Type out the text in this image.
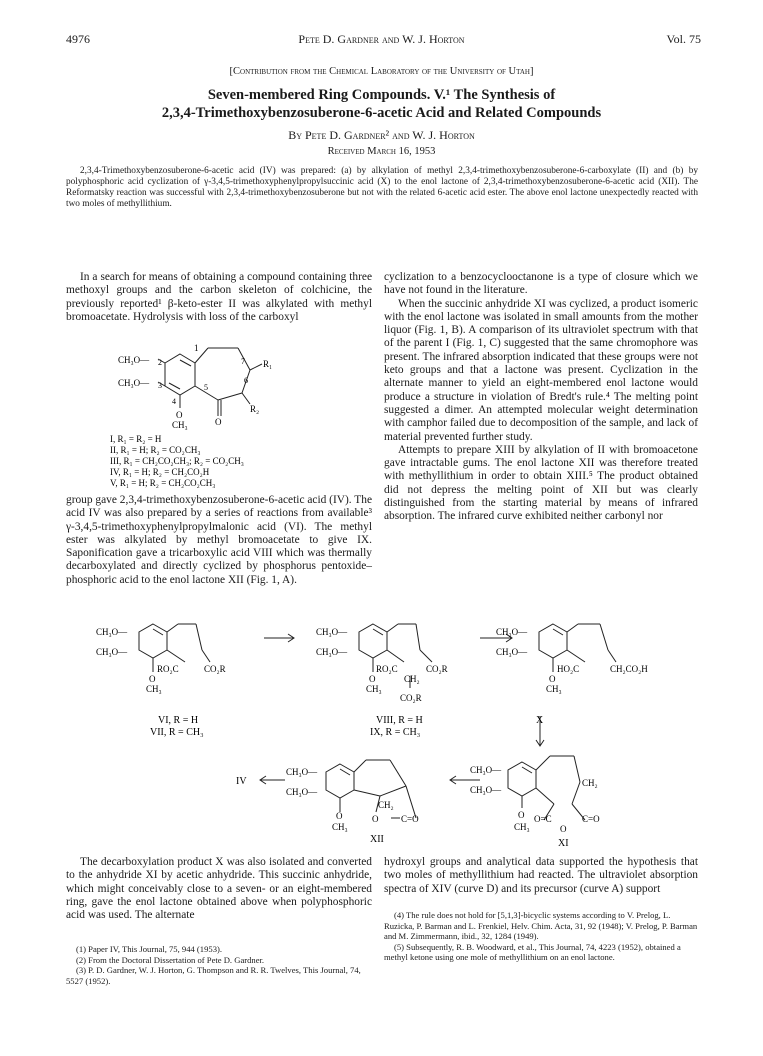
4976	Pete D. Gardner and W. J. Horton	Vol. 75
[Contribution from the Chemical Laboratory of the University of Utah]
Seven-membered Ring Compounds. V.¹ The Synthesis of
2,3,4-Trimethoxybenzosuberone-6-acetic Acid and Related Compounds
By Pete D. Gardner² and W. J. Horton
Received March 16, 1953
2,3,4-Trimethoxybenzosuberone-6-acetic acid (IV) was prepared: (a) by alkylation of methyl 2,3,4-trimethoxybenzosuberone-6-carboxylate (II) and (b) by polyphosphoric acid cyclization of γ-3,4,5-trimethoxyphenylpropylsuccinic acid (X) to the enol lactone of 2,3,4-trimethoxybenzosuberone-6-acetic acid (XII). The Reformatsky reaction was successful with 2,3,4-trimethoxybenzosuberone but not with the related 6-acetic acid ester. The above enol lactone unexpectedly reacted with two moles of methyllithium.

In a search for means of obtaining a compound containing three methoxyl groups and the carbon skeleton of colchicine, the previously reported¹ β-keto-ester II was alkylated with methyl bromoacetate. Hydrolysis with loss of the carboxyl

1
2
3
4
5
6
7
CH₃O—
CH₃O—
O
CH₃
R₁
R₂
O
I, R₁ = R₂ = H
II, R₁ = H; R₂ = CO₂CH₃
III, R₁ = CH₂CO₂CH₃; R₂ = CO₂CH₃
IV, R₁ = H; R₂ = CH₂CO₂H
V, R₁ = H; R₂ = CH₂CO₂CH₃

group gave 2,3,4-trimethoxybenzosuberone-6-acetic acid (IV). The acid IV was also prepared by a series of reactions from available³ γ-3,4,5-trimethoxyphenylpropylmalonic acid (VI). The methyl ester was alkylated by methyl bromoacetate to give IX. Saponification gave a tricarboxylic acid VIII which was thermally decarboxylated and directly cyclized by phosphorus pentoxide–phosphoric acid to the enol lactone XII (Fig. 1, A).

cyclization to a benzocyclooctanone is a type of closure which we have not found in the literature.

When the succinic anhydride XI was cyclized, a product isomeric with the enol lactone was isolated in small amounts from the mother liquor (Fig. 1, B). A comparison of its ultraviolet spectrum with that of the parent I (Fig. 1, C) suggested that the same chromophore was present. The infrared absorption indicated that these groups were not keto groups and that a lactone was present. Cyclization in the alternate manner to yield an eight-membered enol lactone would produce a structure in violation of Bredt's rule.⁴ The melting point suggested a dimer. An attempted molecular weight determination with camphor failed due to decomposition of the sample, and lack of material prevented further study.

Attempts to prepare XIII by alkylation of II with bromoacetone gave intractable gums. The enol lactone XII was therefore treated with methyllithium in order to obtain XIII.⁵ The product obtained did not depress the melting point of XII but was clearly distinguished from the starting material by means of infrared absorption. The infrared curve exhibited neither carbonyl nor

CH₃O—
CH₃O—
RO₂C	CO₂R
O
CH₃
VI, R = H
VII, R = CH₃
CH₃O—
CH₃O—
RO₂C	CO₂R
O	CH₂
CH₃
CO₂R
VIII, R = H
IX, R = CH₃
CH₃O—
CH₃O—
HO₂C	CH₂CO₂H
O
CH₃
X
IV
CH₃O—
CH₃O—
CH₂
O	O	C=O
CH₃
XII
CH₃O—
CH₃O—
CH₂
O O=C	C=O
CH₃	O
XI

The decarboxylation product X was also isolated and converted to the anhydride XI by acetic anhydride. This succinic anhydride, which might conceivably close to a seven- or an eight-membered ring, gave the enol lactone obtained above when polyphosphoric acid was used. The alternate

(1) Paper IV, This Journal, 75, 944 (1953).

(2) From the Doctoral Dissertation of Pete D. Gardner.

(3) P. D. Gardner, W. J. Horton, G. Thompson and R. R. Twelves, This Journal, 74, 5527 (1952).

hydroxyl groups and analytical data supported the hypothesis that two moles of methyllithium had reacted. The ultraviolet absorption spectra of XIV (curve D) and its precursor (curve A) support

(4) The rule does not hold for [5,1,3]-bicyclic systems according to V. Prelog, L. Ruzicka, P. Barman and L. Frenkiel, Helv. Chim. Acta, 31, 92 (1948); V. Prelog, P. Barman and M. Zimmermann, ibid., 32, 1284 (1949).

(5) Subsequently, R. B. Woodward, et al., This Journal, 74, 4223 (1952), obtained a methyl ketone using one mole of methyllithium on an enol lactone.
